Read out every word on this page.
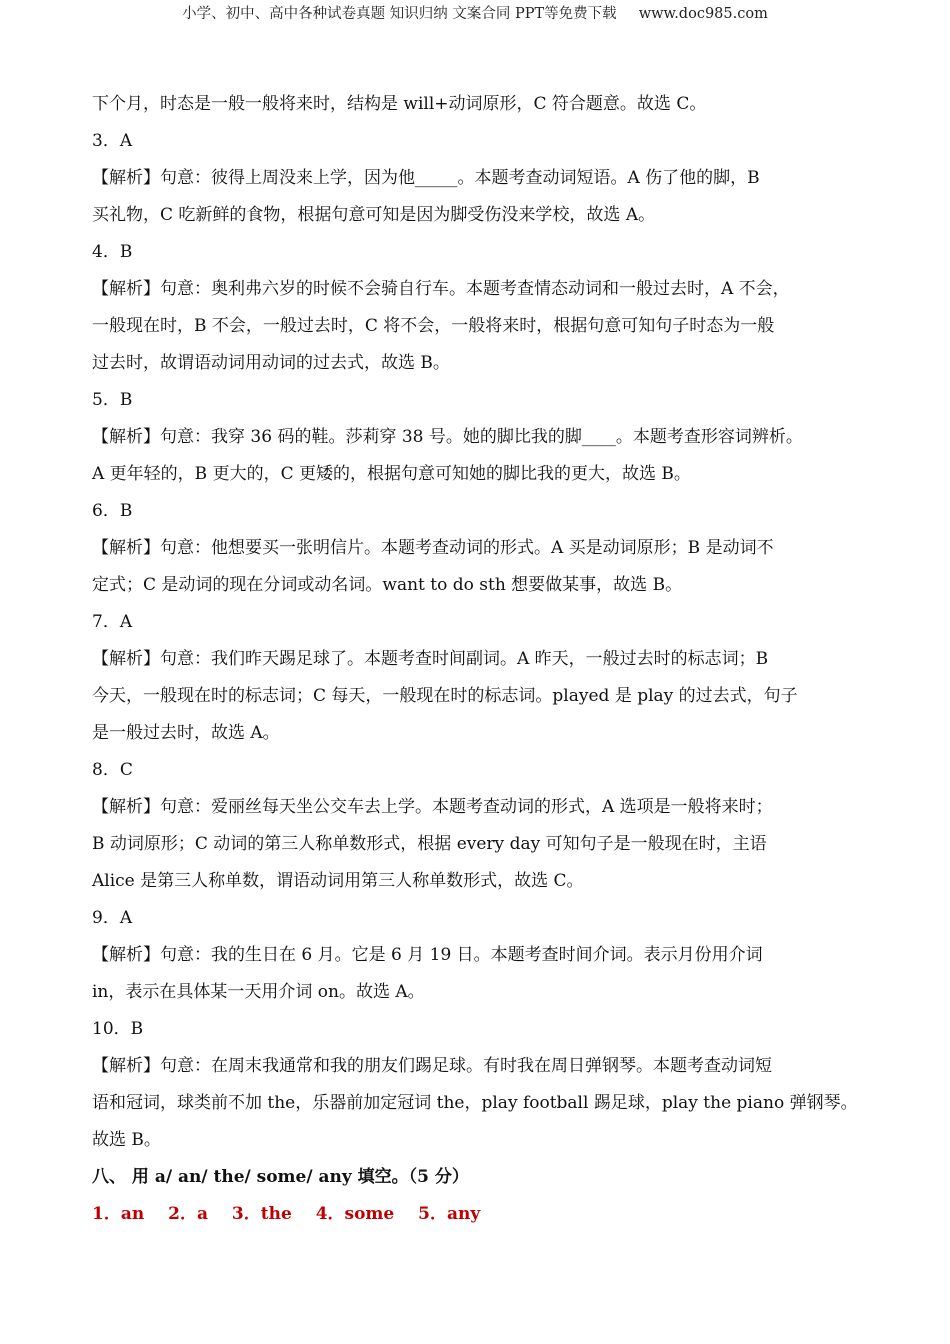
小学、初中、高中各种试卷真题 知识归纳 文案合同 PPT等免费下载 www.doc985.com
下个月，时态是一般一般将来时，结构是 will+动词原形，C 符合题意。故选 C。
3．A
【解析】句意：彼得上周没来上学，因为他_____。本题考查动词短语。A 伤了他的脚，B
买礼物，C 吃新鲜的食物，根据句意可知是因为脚受伤没来学校，故选 A。
4．B
【解析】句意：奥利弗六岁的时候不会骑自行车。本题考查情态动词和一般过去时，A 不会，
一般现在时，B 不会，一般过去时，C 将不会，一般将来时，根据句意可知句子时态为一般
过去时，故谓语动词用动词的过去式，故选 B。
5．B
【解析】句意：我穿 36 码的鞋。莎莉穿 38 号。她的脚比我的脚____。本题考查形容词辨析。
A 更年轻的，B 更大的，C 更矮的，根据句意可知她的脚比我的更大，故选 B。
6．B
【解析】句意：他想要买一张明信片。本题考查动词的形式。A 买是动词原形；B 是动词不
定式；C 是动词的现在分词或动名词。want to do sth 想要做某事，故选 B。
7．A
【解析】句意：我们昨天踢足球了。本题考查时间副词。A 昨天，一般过去时的标志词；B
今天，一般现在时的标志词；C 每天，一般现在时的标志词。played 是 play 的过去式，句子
是一般过去时，故选 A。
8．C
【解析】句意：爱丽丝每天坐公交车去上学。本题考查动词的形式，A 选项是一般将来时；
B 动词原形；C 动词的第三人称单数形式，根据 every day 可知句子是一般现在时，主语
Alice 是第三人称单数，谓语动词用第三人称单数形式，故选 C。
9．A
【解析】句意：我的生日在 6 月。它是 6 月 19 日。本题考查时间介词。表示月份用介词
in，表示在具体某一天用介词 on。故选 A。
10．B
【解析】句意：在周末我通常和我的朋友们踢足球。有时我在周日弹钢琴。本题考查动词短
语和冠词，球类前不加 the，乐器前加定冠词 the，play football 踢足球，play the piano 弹钢琴。
故选 B。
八、 用 a/ an/ the/ some/ any 填空。（5 分）
1．an 2．a 3．the 4．some 5．any
